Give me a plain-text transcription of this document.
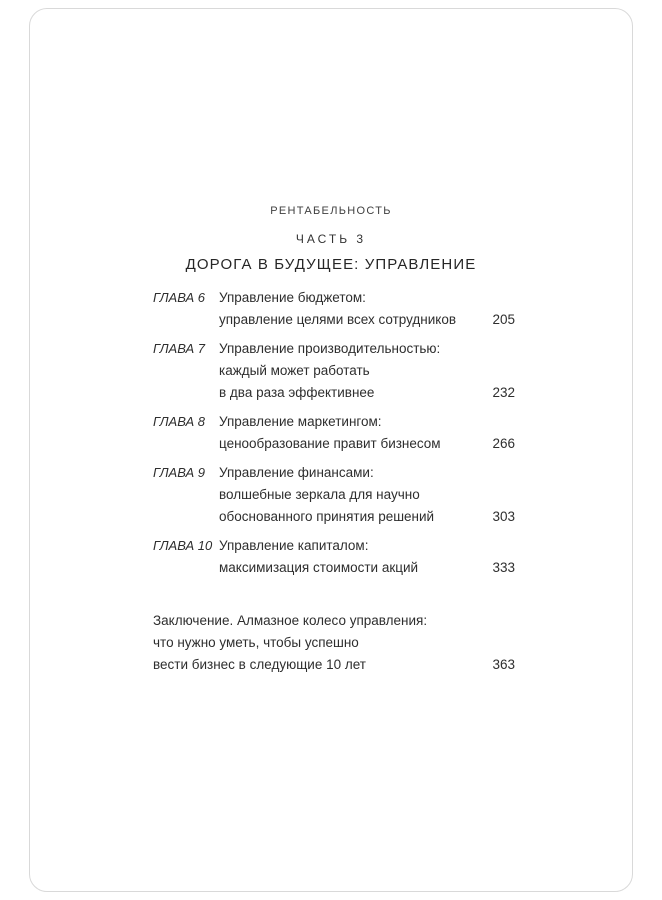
РЕНТАБЕЛЬНОСТЬ
ЧАСТЬ 3
ДОРОГА В БУДУЩЕЕ: УПРАВЛЕНИЕ
ГЛАВА 6	Управление бюджетом:
управление целями всех сотрудников	205
ГЛАВА 7	Управление производительностью:
каждый может работать
в два раза эффективнее	232
ГЛАВА 8	Управление маркетингом:
ценообразование правит бизнесом	266
ГЛАВА 9	Управление финансами:
волшебные зеркала для научно
обоснованного принятия решений	303
ГЛАВА 10 Управление капиталом:
максимизация стоимости акций	333
Заключение. Алмазное колесо управления:
что нужно уметь, чтобы успешно
вести бизнес в следующие 10 лет	363
